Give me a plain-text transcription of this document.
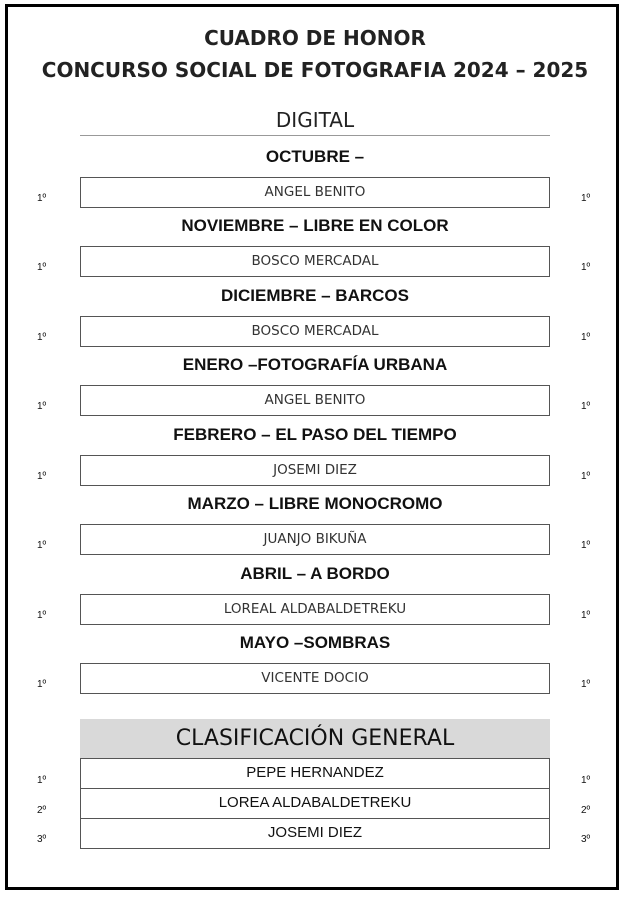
CUADRO DE HONOR
CONCURSO SOCIAL DE FOTOGRAFIA 2024 – 2025
DIGITAL
OCTUBRE –
1º	ANGEL BENITO	1º
NOVIEMBRE – LIBRE EN COLOR
1º	BOSCO MERCADAL	1º
DICIEMBRE – BARCOS
1º	BOSCO MERCADAL	1º
ENERO –FOTOGRAFÍA URBANA
1º	ANGEL BENITO	1º
FEBRERO – EL PASO DEL TIEMPO
1º	JOSEMI DIEZ	1º
MARZO – LIBRE MONOCROMO
1º	JUANJO BIKUÑA	1º
ABRIL – A BORDO
1º	LOREAL ALDABALDETREKU	1º
MAYO –SOMBRAS
1º	VICENTE DOCIO	1º
CLASIFICACIÓN GENERAL
1º	PEPE HERNANDEZ	1º
2º	LOREA ALDABALDETREKU	2º
3º	JOSEMI DIEZ	3º
